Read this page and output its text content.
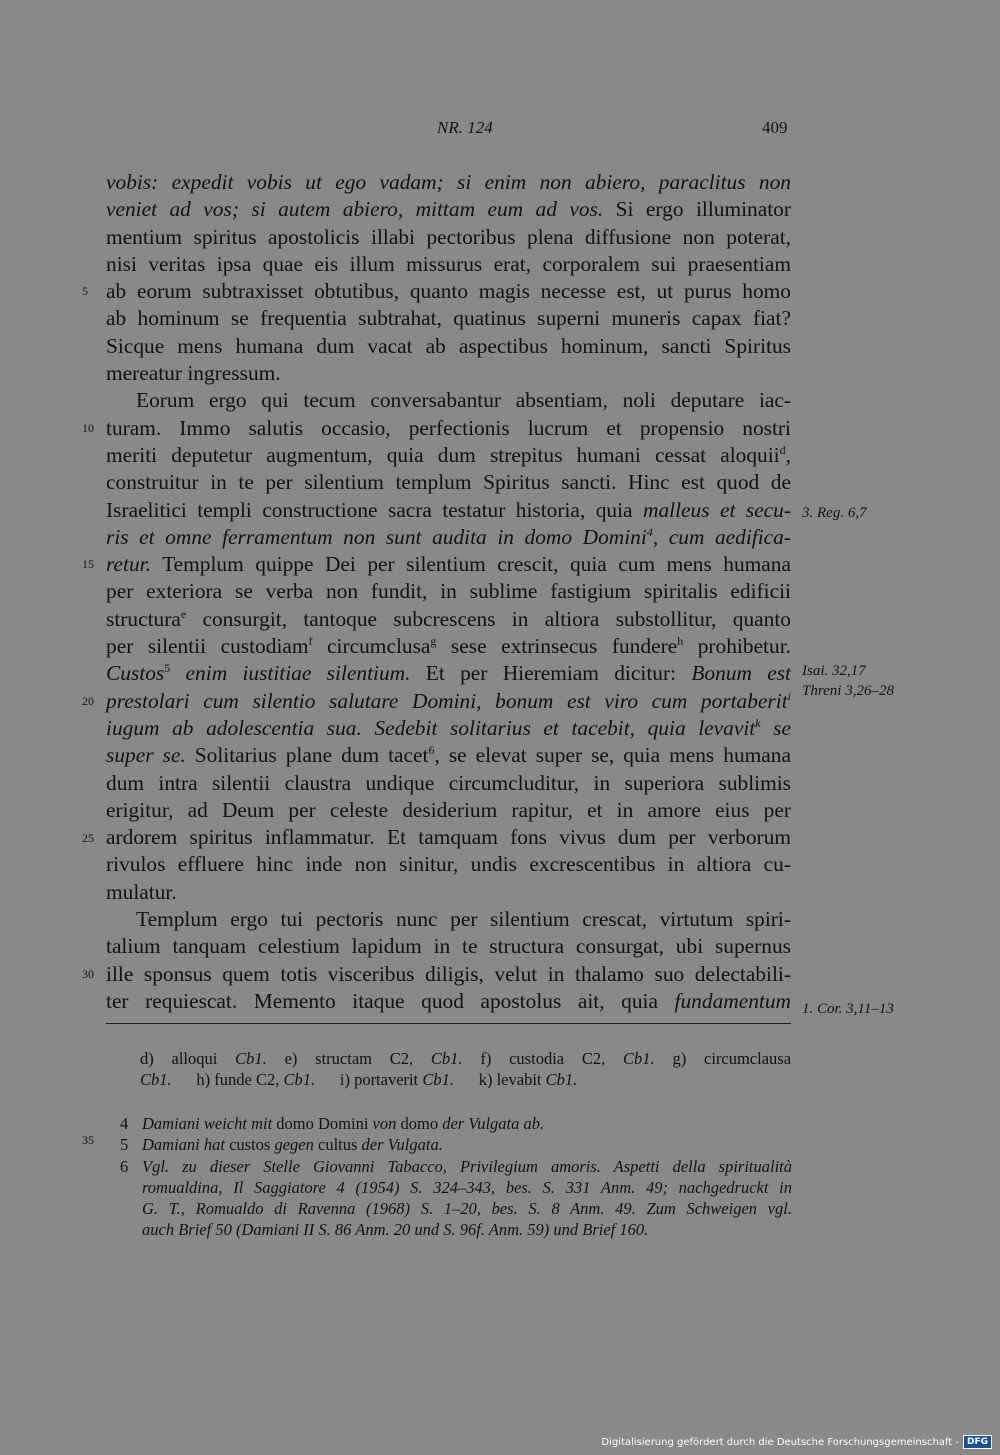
NR. 124	409
5
10
15
20
25
30
35
vobis: expedit vobis ut ego vadam; si enim non abiero, paraclitus non
veniet ad vos; si autem abiero, mittam eum ad vos. Si ergo illuminator
mentium spiritus apostolicis illabi pectoribus plena diffusione non poterat,
nisi veritas ipsa quae eis illum missurus erat, corporalem sui praesentiam
ab eorum subtraxisset obtutibus, quanto magis necesse est, ut purus homo
ab hominum se frequentia subtrahat, quatinus superni muneris capax fiat?
Sicque mens humana dum vacat ab aspectibus hominum, sancti Spiritus
mereatur ingressum.
Eorum ergo qui tecum conversabantur absentiam, noli deputare iac-
turam. Immo salutis occasio, perfectionis lucrum et propensio nostri
meriti deputetur augmentum, quia dum strepitus humani cessat aloquii$^d$,
construitur in te per silentium templum Spiritus sancti. Hinc est quod de
Israelitici templi constructione sacra testatur historia, quia malleus et secu-
ris et omne ferramentum non sunt audita in domo Domini$^4$, cum aedifica-
retur. Templum quippe Dei per silentium crescit, quia cum mens humana
per exteriora se verba non fundit, in sublime fastigium spiritalis edificii
structura$^e$ consurgit, tantoque subcrescens in altiora substollitur, quanto
per silentii custodiam$^f$ circumclusa$^g$ sese extrinsecus fundere$^h$ prohibetur.
Custos$^5$ enim iustitiae silentium. Et per Hieremiam dicitur: Bonum est
prestolari cum silentio salutare Domini, bonum est viro cum portaberit$^i$
iugum ab adolescentia sua. Sedebit solitarius et tacebit, quia levavit$^k$ se
super se. Solitarius plane dum tacet$^6$, se elevat super se, quia mens humana
dum intra silentii claustra undique circumcluditur, in superiora sublimis
erigitur, ad Deum per celeste desiderium rapitur, et in amore eius per
ardorem spiritus inflammatur. Et tamquam fons vivus dum per verborum
rivulos effluere hinc inde non sinitur, undis excrescentibus in altiora cu-
mulatur.
Templum ergo tui pectoris nunc per silentium crescat, virtutum spiri-
talium tanquam celestium lapidum in te structura consurgat, ubi supernus
ille sponsus quem totis visceribus diligis, velut in thalamo suo delectabili-
ter requiescat. Memento itaque quod apostolus ait, quia fundamentum
3. Reg. 6,7
Isai. 32,17
Threni 3,26–28
1. Cor. 3,11–13
d) alloqui Cb1. e) structam C2, Cb1. f) custodia C2, Cb1. g) circumclausa
Cb1. h) funde C2, Cb1. i) portaverit Cb1. k) levabit Cb1.
4 Damiani weicht mit domo Domini von domo der Vulgata ab.
5 Damiani hat custos gegen cultus der Vulgata.
6 Vgl. zu dieser Stelle Giovanni Tabacco, Privilegium amoris. Aspetti della spiritualità
romualdina, Il Saggiatore 4 (1954) S. 324–343, bes. S. 331 Anm. 49; nachgedruckt in
G. T., Romualdo di Ravenna (1968) S. 1–20, bes. S. 8 Anm. 49. Zum Schweigen vgl.
auch Brief 50 (Damiani II S. 86 Anm. 20 und S. 96f. Anm. 59) und Brief 160.
Digitalisierung gefördert durch die Deutsche Forschungsgemeinschaft - DFG
